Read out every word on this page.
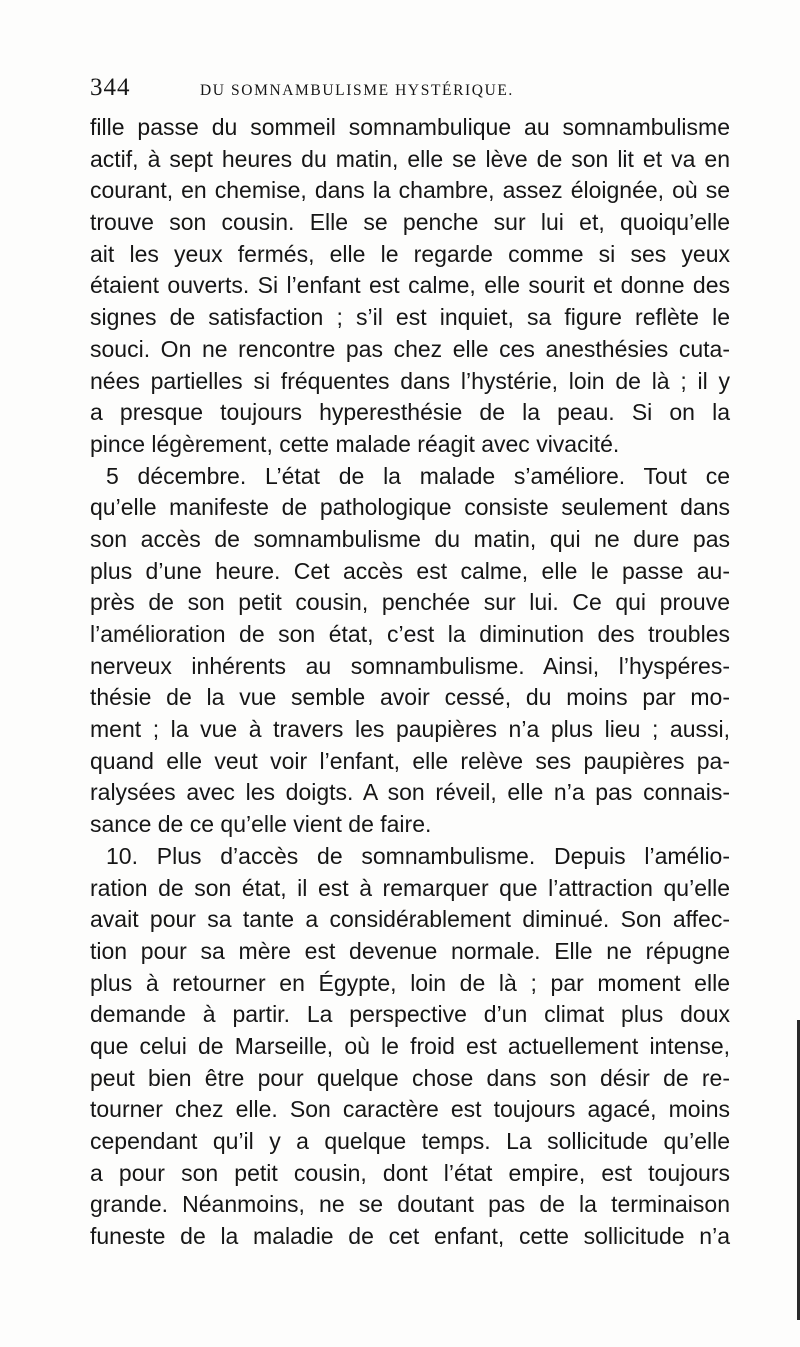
344	DU SOMNAMBULISME HYSTÉRIQUE.
fille passe du sommeil somnambulique au somnambulisme
actif, à sept heures du matin, elle se lève de son lit et va en
courant, en chemise, dans la chambre, assez éloignée, où se
trouve son cousin. Elle se penche sur lui et, quoiqu’elle
ait les yeux fermés, elle le regarde comme si ses yeux
étaient ouverts. Si l’enfant est calme, elle sourit et donne des
signes de satisfaction ; s’il est inquiet, sa figure reflète le
souci. On ne rencontre pas chez elle ces anesthésies cuta-
nées partielles si fréquentes dans l’hystérie, loin de là ; il y
a presque toujours hyperesthésie de la peau. Si on la
pince légèrement, cette malade réagit avec vivacité.
5 décembre. L’état de la malade s’améliore. Tout ce
qu’elle manifeste de pathologique consiste seulement dans
son accès de somnambulisme du matin, qui ne dure pas
plus d’une heure. Cet accès est calme, elle le passe au-
près de son petit cousin, penchée sur lui. Ce qui prouve
l’amélioration de son état, c’est la diminution des troubles
nerveux inhérents au somnambulisme. Ainsi, l’hyspéres-
thésie de la vue semble avoir cessé, du moins par mo-
ment ; la vue à travers les paupières n’a plus lieu ; aussi,
quand elle veut voir l’enfant, elle relève ses paupières pa-
ralysées avec les doigts. A son réveil, elle n’a pas connais-
sance de ce qu’elle vient de faire.
10. Plus d’accès de somnambulisme. Depuis l’amélio-
ration de son état, il est à remarquer que l’attraction qu’elle
avait pour sa tante a considérablement diminué. Son affec-
tion pour sa mère est devenue normale. Elle ne répugne
plus à retourner en Égypte, loin de là ; par moment elle
demande à partir. La perspective d’un climat plus doux
que celui de Marseille, où le froid est actuellement intense,
peut bien être pour quelque chose dans son désir de re-
tourner chez elle. Son caractère est toujours agacé, moins
cependant qu’il y a quelque temps. La sollicitude qu’elle
a pour son petit cousin, dont l’état empire, est toujours
grande. Néanmoins, ne se doutant pas de la terminaison
funeste de la maladie de cet enfant, cette sollicitude n’a
